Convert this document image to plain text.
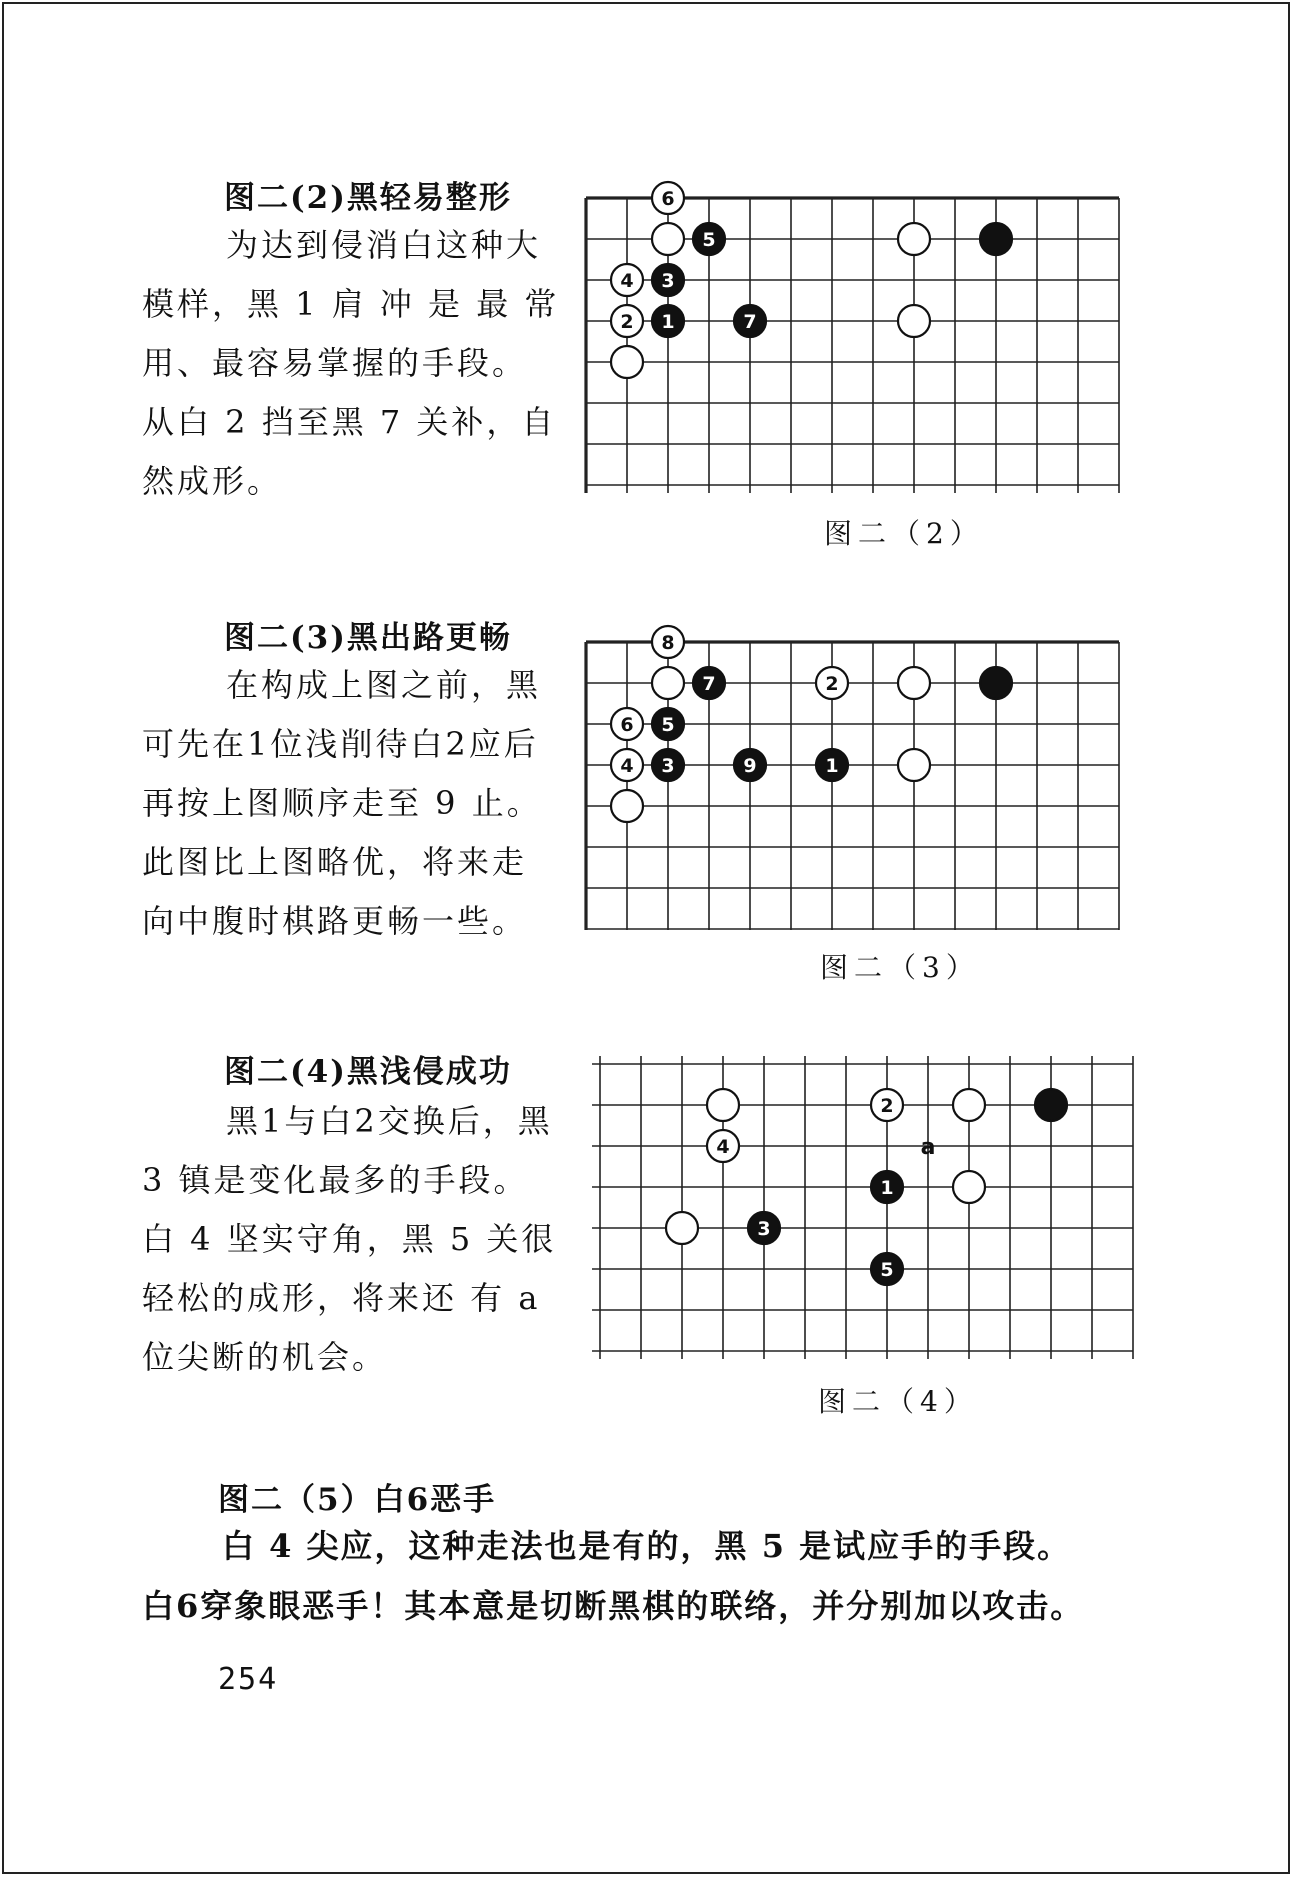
图二(2)黑轻易整形
为达到侵消白这种大
模样，黑 1 肩 冲 是 最 常
用、最容易掌握的手段。
从白 2 挡至黑 7 关补，自
然成形。
6
5
4 3
2 1	7
图二（2）
图二(3)黑出路更畅
在构成上图之前，黑
可先在1位浅削待白2应后
再按上图顺序走至 9 止。
此图比上图略优，将来走
向中腹时棋路更畅一些。
8
7	2
6 5
4 3	9	1
图二（3）
图二(4)黑浅侵成功
黑1与白2交换后，黑
3 镇是变化最多的手段。
白 4 坚实守角，黑 5 关很
轻松的成形，将来还 有 a
位尖断的机会。
a
2
4
1
3
5
图二（4）
图二（5）白6恶手
白 4 尖应，这种走法也是有的，黑 5 是试应手的手段。
白6穿象眼恶手！其本意是切断黑棋的联络，并分别加以攻击。
254
